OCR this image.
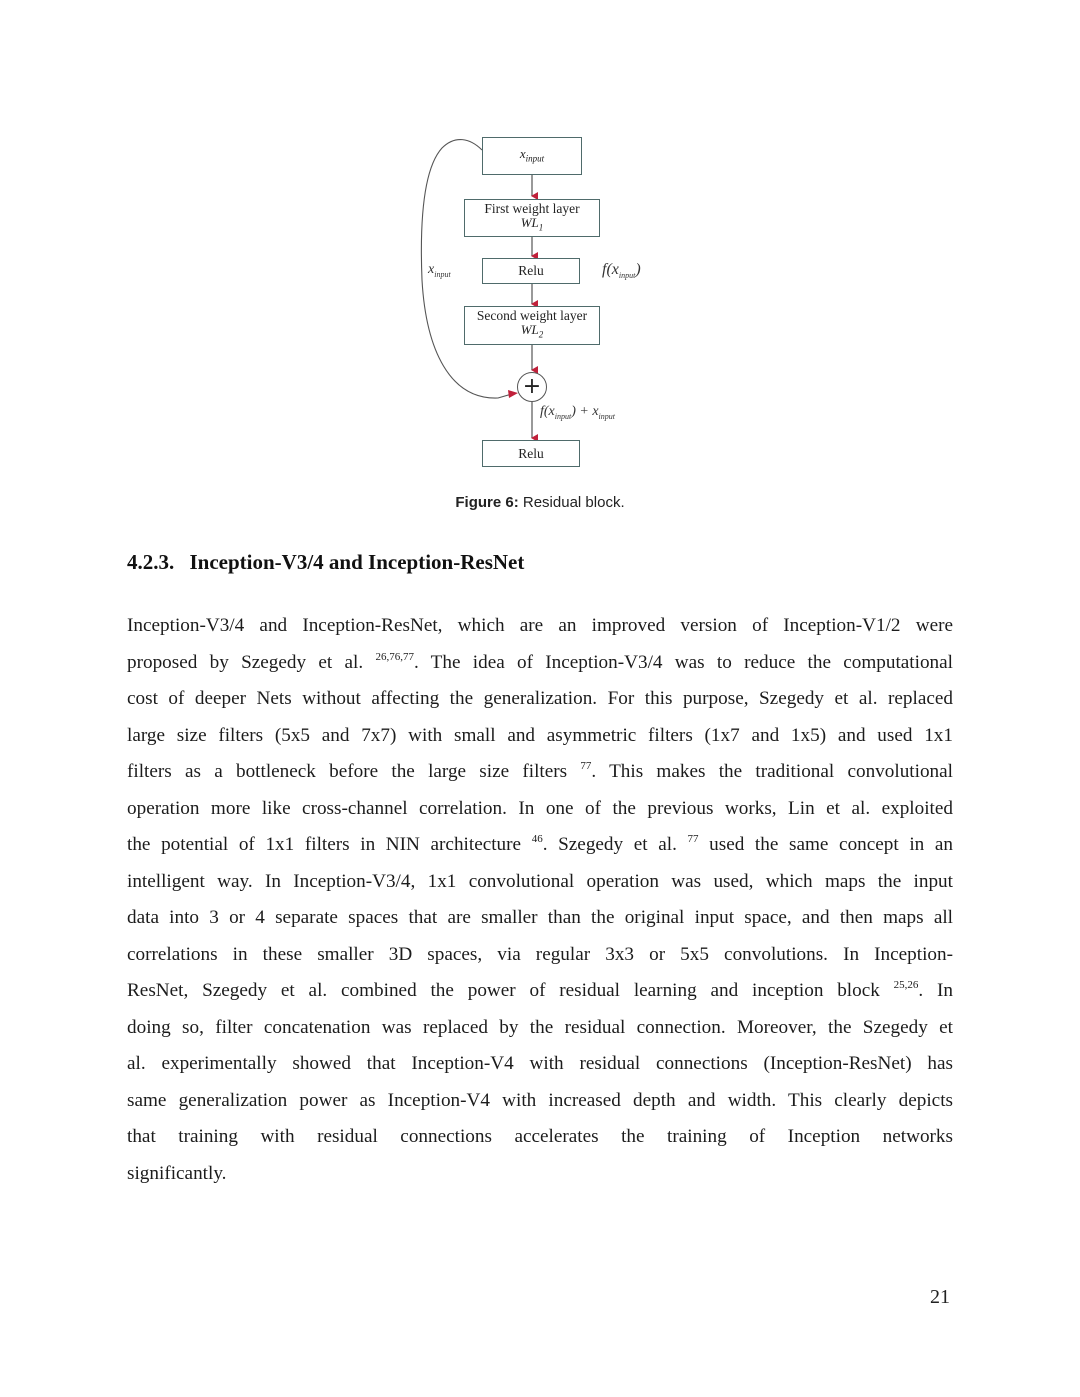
$x_{input}$
First weight layer
$WL_1$
Relu
Second weight layer
$WL_2$
+
Relu
$x_{input}$	$f(x_{input})$
$f(x_{input}) + x_{input}$
Figure 6: Residual block.
4.2.3. Inception-V3/4 and Inception-ResNet
Inception-V3/4 and Inception-ResNet, which are an improved version of Inception-V1/2 were
proposed by Szegedy et al. $^{26,76,77}$. The idea of Inception-V3/4 was to reduce the computational
cost of deeper Nets without affecting the generalization. For this purpose, Szegedy et al. replaced
large size filters (5x5 and 7x7) with small and asymmetric filters (1x7 and 1x5) and used 1x1
filters as a bottleneck before the large size filters $^{77}$. This makes the traditional convolutional
operation more like cross-channel correlation. In one of the previous works, Lin et al. exploited
the potential of 1x1 filters in NIN architecture $^{46}$. Szegedy et al. $^{77}$ used the same concept in an
intelligent way. In Inception-V3/4, 1x1 convolutional operation was used, which maps the input
data into 3 or 4 separate spaces that are smaller than the original input space, and then maps all
correlations in these smaller 3D spaces, via regular 3x3 or 5x5 convolutions. In Inception-
ResNet, Szegedy et al. combined the power of residual learning and inception block $^{25,26}$. In
doing so, filter concatenation was replaced by the residual connection. Moreover, the Szegedy et
al. experimentally showed that Inception-V4 with residual connections (Inception-ResNet) has
same generalization power as Inception-V4 with increased depth and width. This clearly depicts
that training with residual connections accelerates the training of Inception networks
significantly.
21
